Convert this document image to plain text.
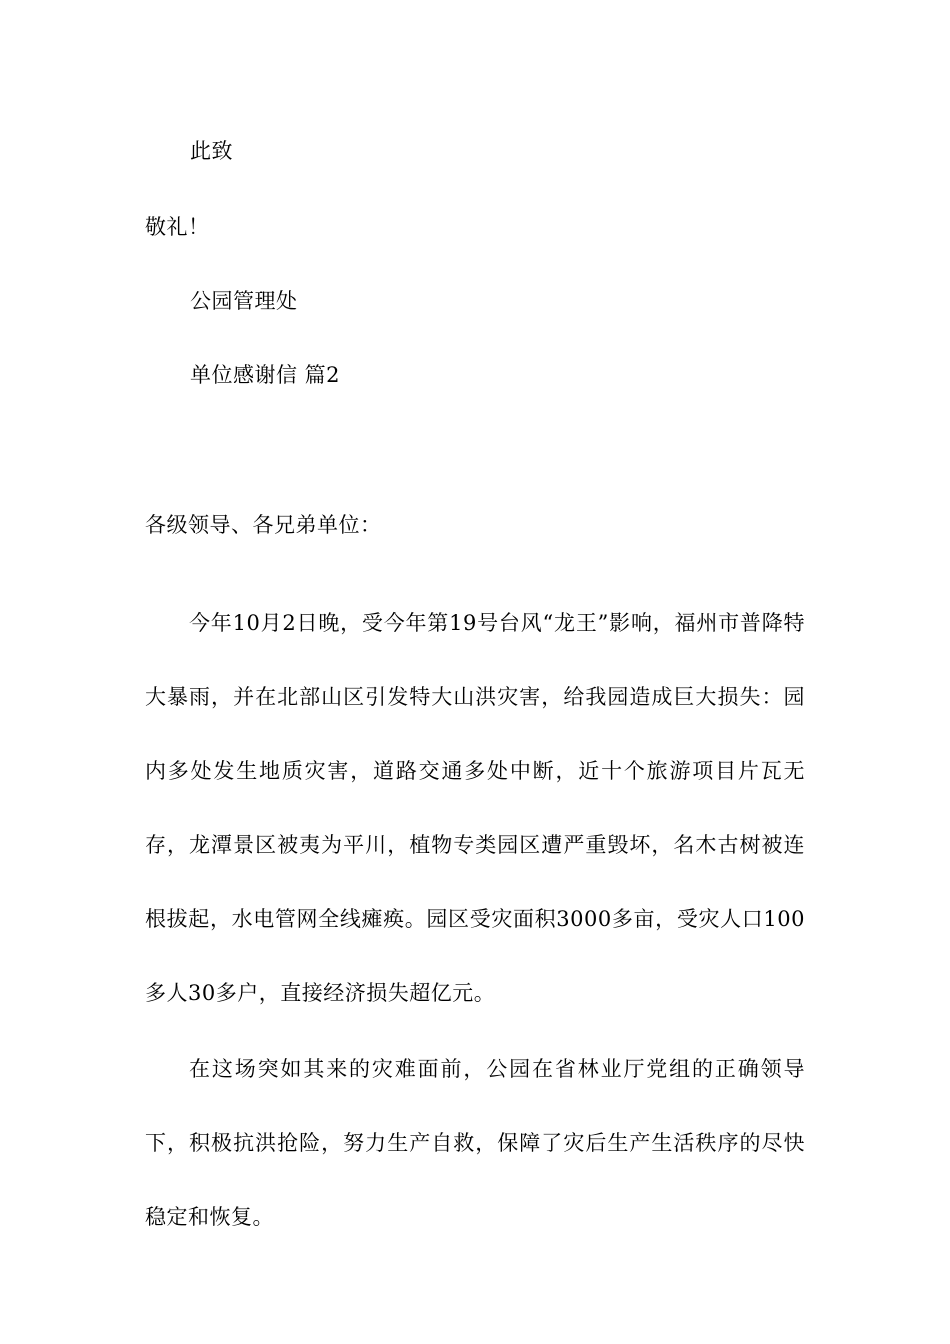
此致
敬礼！
公园管理处
单位感谢信 篇2
各级领导、各兄弟单位：
今年10月2日晚，受今年第19号台风“龙王”影响，福州市普降特大暴雨，并在北部山区引发特大山洪灾害，给我园造成巨大损失：园内多处发生地质灾害，道路交通多处中断，近十个旅游项目片瓦无存，龙潭景区被夷为平川，植物专类园区遭严重毁坏，名木古树被连根拔起，水电管网全线瘫痪。园区受灾面积3000多亩，受灾人口100多人30多户，直接经济损失超亿元。
在这场突如其来的灾难面前，公园在省林业厅党组的正确领导下，积极抗洪抢险，努力生产自救，保障了灾后生产生活秩序的尽快稳定和恢复。
